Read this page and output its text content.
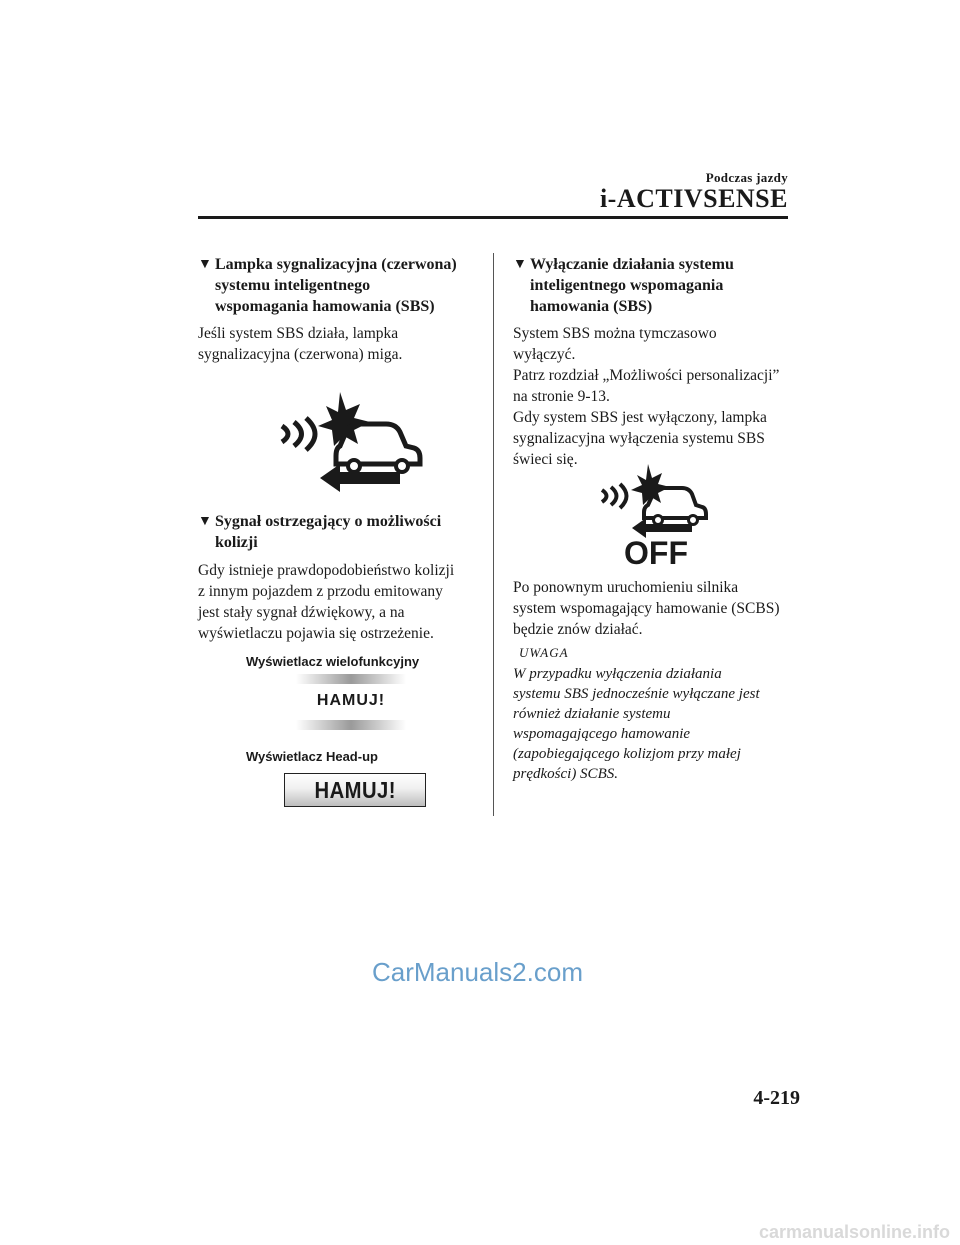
Podczas jazdy
i-ACTIVSENSE
▼ Lampka sygnalizacyjna (czerwona)
systemu inteligentnego
wspomagania hamowania (SBS)
Jeśli system SBS działa, lampka
sygnalizacyjna (czerwona) miga.
▼ Sygnał ostrzegający o możliwości
kolizji
Gdy istnieje prawdopodobieństwo kolizji
z innym pojazdem z przodu emitowany
jest stały sygnał dźwiękowy, a na
wyświetlaczu pojawia się ostrzeżenie.
Wyświetlacz wielofunkcyjny
HAMUJ!
Wyświetlacz Head-up
HAMUJ!
▼ Wyłączanie działania systemu
inteligentnego wspomagania
hamowania (SBS)
System SBS można tymczasowo
wyłączyć.
Patrz rozdział „Możliwości personalizacji”
na stronie 9-13.
Gdy system SBS jest wyłączony, lampka
sygnalizacyjna wyłączenia systemu SBS
świeci się.
OFF
Po ponownym uruchomieniu silnika
system wspomagający hamowanie (SCBS)
będzie znów działać.
UWAGA
W przypadku wyłączenia działania
systemu SBS jednocześnie wyłączane jest
również działanie systemu
wspomagającego hamowanie
(zapobiegającego kolizjom przy małej
prędkości) SCBS.
CarManuals2.com
4-219
carmanualsonline.info
